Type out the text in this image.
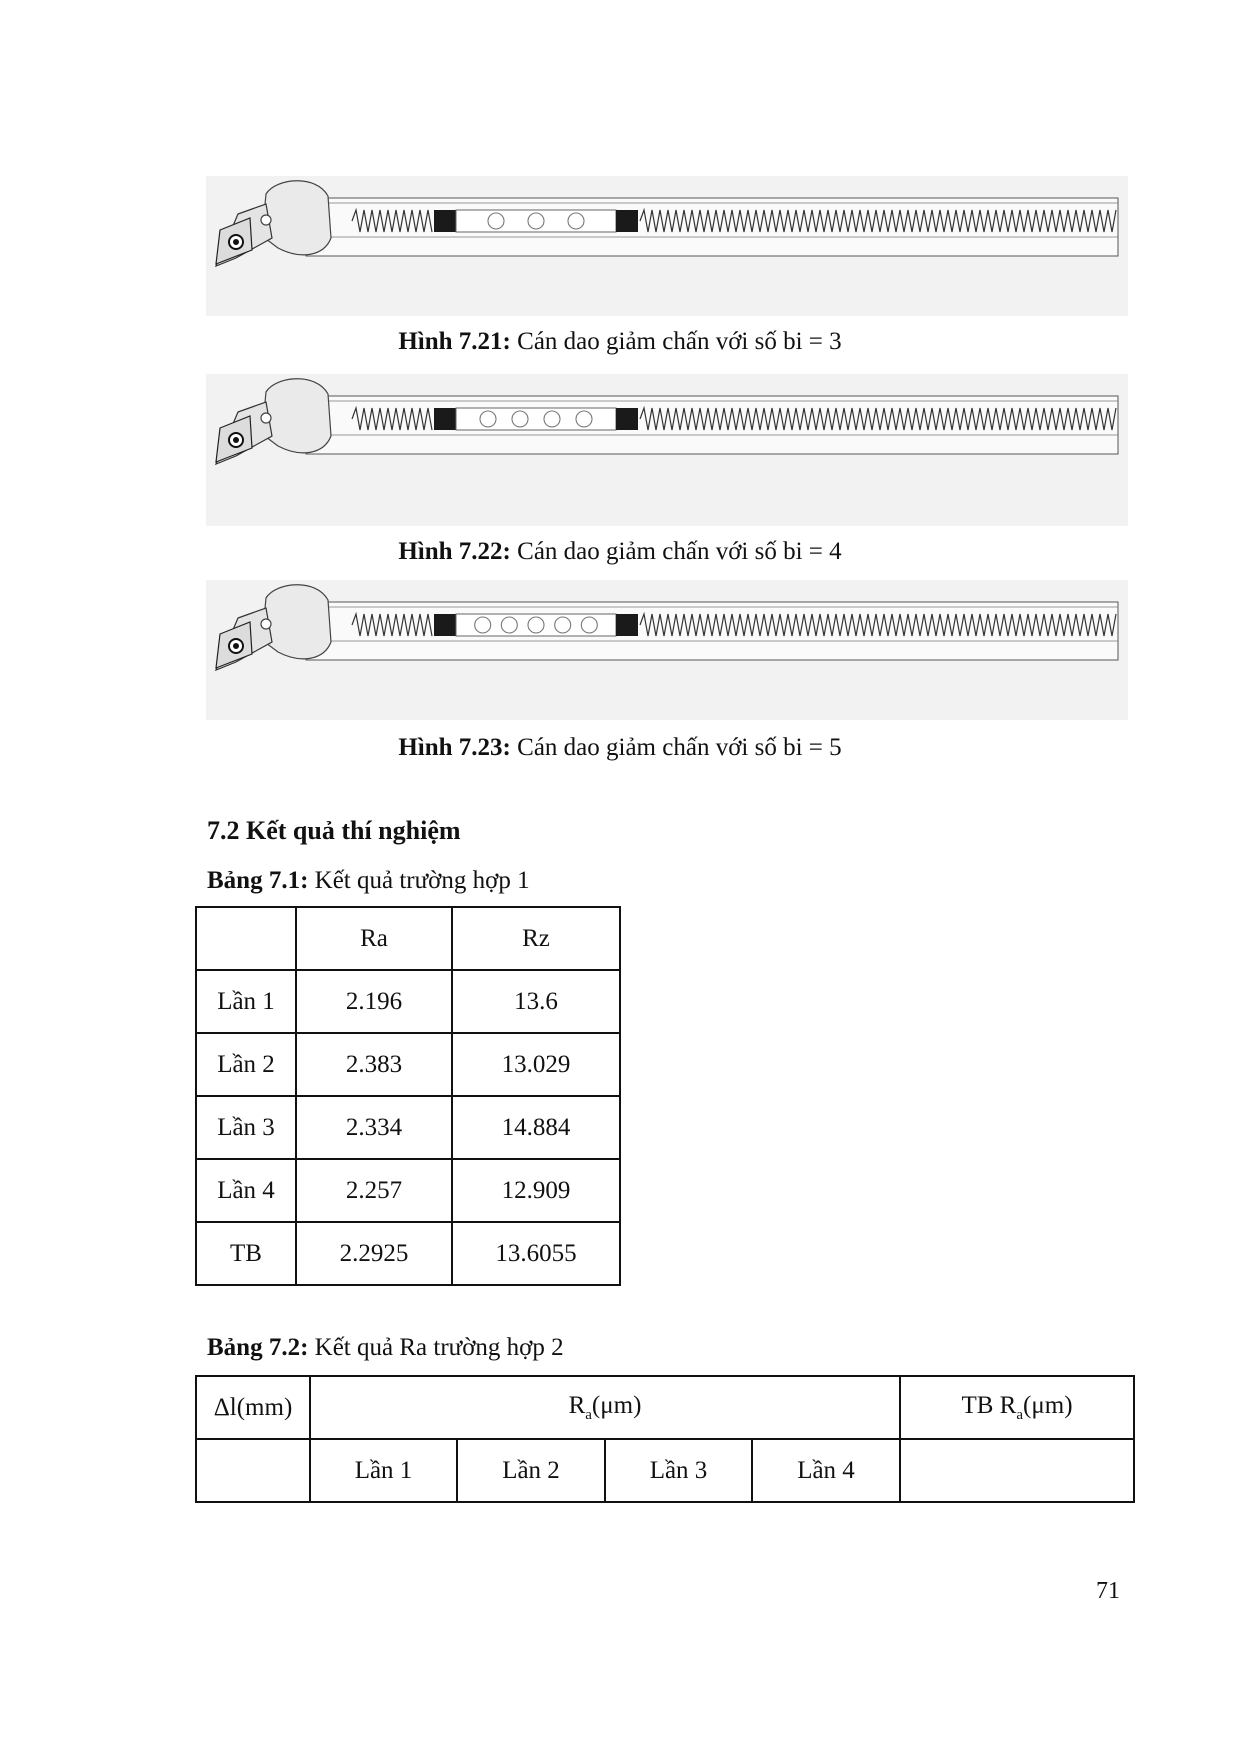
Hình 7.21: Cán dao giảm chấn với số bi = 3
Hình 7.22: Cán dao giảm chấn với số bi = 4
Hình 7.23: Cán dao giảm chấn với số bi = 5
7.2 Kết quả thí nghiệm
Bảng 7.1: Kết quả trường hợp 1
	Ra	Rz
Lần 1	2.196	13.6
Lần 2	2.383	13.029
Lần 3	2.334	14.884
Lần 4	2.257	12.909
TB	2.2925	13.6055
Bảng 7.2: Kết quả Ra trường hợp 2
Δl(mm)	$R_a(\mu m)$				TB $R_a(\mu m)$
	Lần 1	Lần 2	Lần 3	Lần 4	
71
